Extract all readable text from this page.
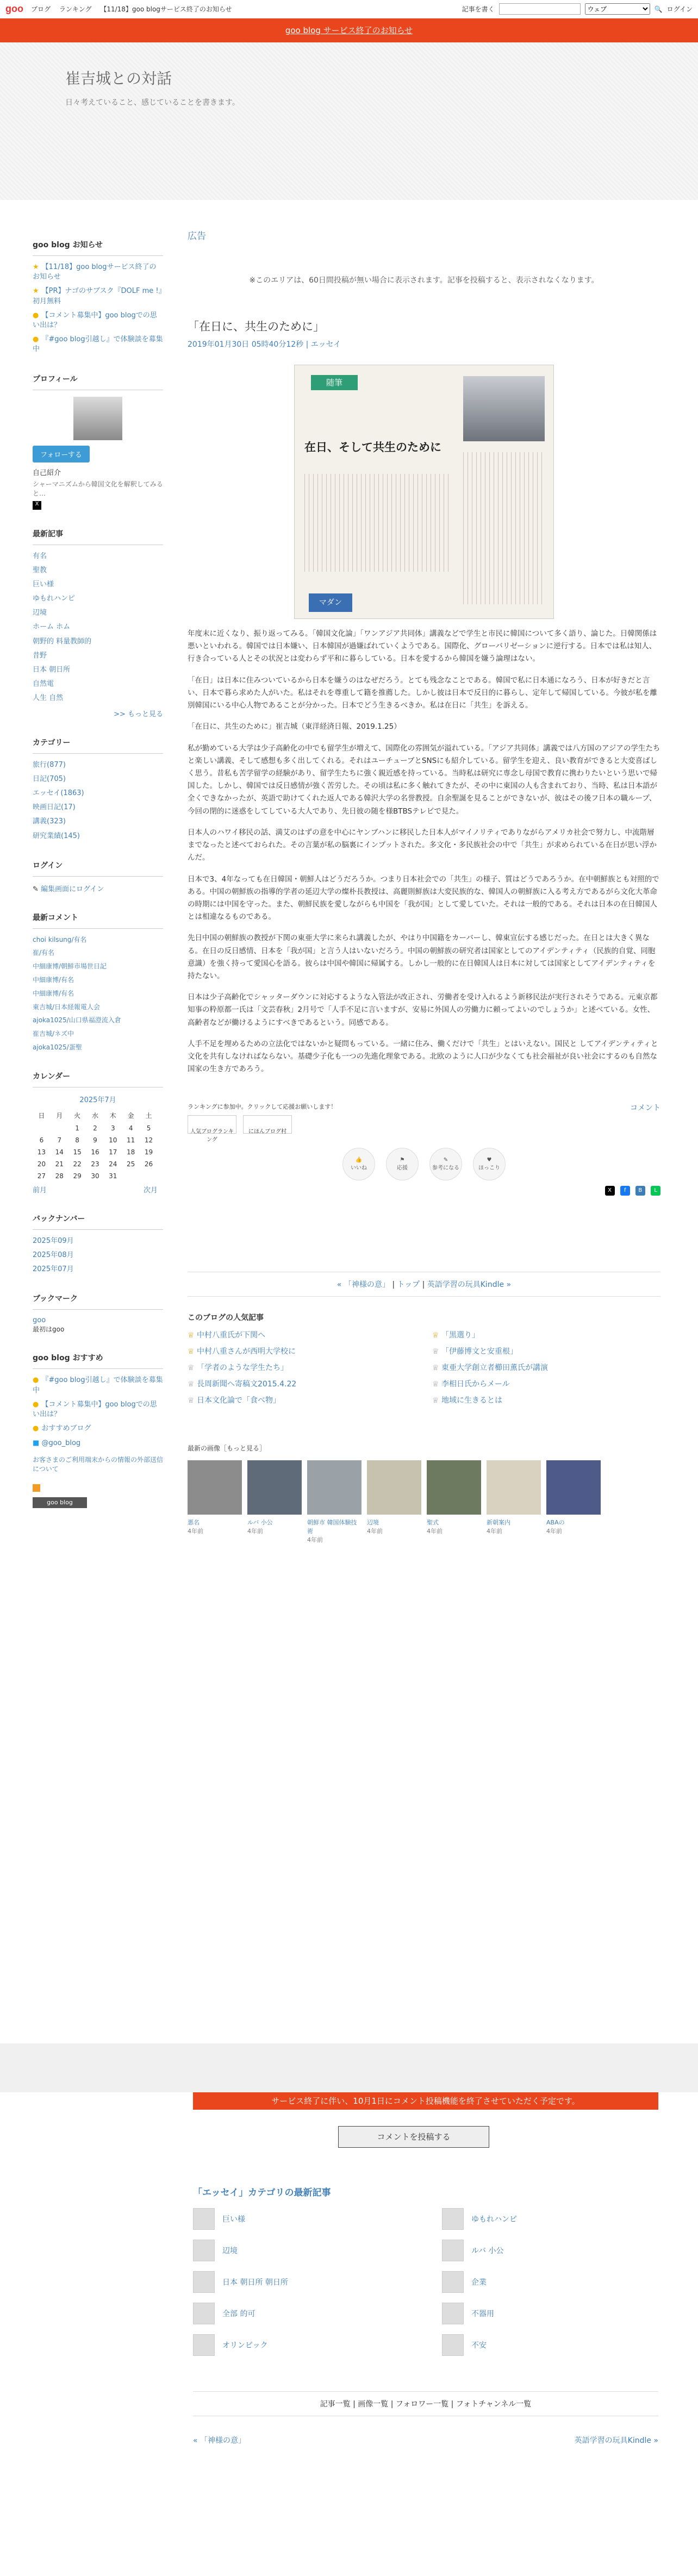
goo ブログ ランキング 【11/18】goo blogサービス終了のお知らせ	記事を書く
ウェブ	🔍 ログイン
goo blog サービス終了のお知らせ
崔吉城との対話
日々考えていること、感じていることを書きます。
goo blog お知らせ
★ 【11/18】goo blogサービス終了のお知らせ
★ 【PR】ナゴのサブスク『DOLF me !』初月無料
● 【コメント募集中】goo blogでの思い出は？
● 『#goo blog引越し』で体験談を募集中
プロフィール
フォローする
自己紹介
シャーマニズムから韓国文化を解釈してみると…
X
最新記事
有名
聖教
巨い様
ゆもれハンピ
辺境
ホーム ホム
朝野的 料量教師的
昔野
日本 朝日所
自然電
人生 自然
>> もっと見る
カテゴリー
旅行(877)
日記(705)
エッセイ(1863)
映画日記(17)
講義(323)
研究業績(145)
ログイン
✎ 編集画面にログイン
最新コメント
choi kilsung/有名
崔/有名
中細康博/朝鮮市場世日記
中細康博/有名
中細康博/有名
東吉城/日本経報電人会
ajoka1025/山口県福澄流入倉
崔吉城/ネズ中
ajoka1025/蛋聖
カレンダー
2025年7月
日	月	火	水	木	金	土
		1	2	3	4	5
6	7	8	9	10	11	12
13	14	15	16	17	18	19
20	21	22	23	24	25	26
27	28	29	30	31		
前月	次月
バックナンバー
2025年09月
2025年08月
2025年07月
ブックマーク
goo
最初はgoo
goo blog おすすめ
● 『#goo blog引越し』で体験談を募集中
● 【コメント募集中】goo blogでの思い出は？
● おすすめブログ
■ @goo_blog
お客さまのご利用端末からの情報の外部送信について
goo blog
広告
※このエリアは、60日間投稿が無い場合に表示されます。記事を投稿すると、表示されなくなります。
「在日に、共生のために」
2019年01月30日 05時40分12秒 | エッセイ
随筆
在日、そして共生のために
マダン

年度末に近くなり、振り返ってみる。「韓国文化論」「ワンアジア共同体」講義などで学生と市民に韓国について多く語り、論じた。日韓関係は悪いといわれる。韓国では日本嫌い、日本韓国が過嫌ばれていくようである。国際化、グローバリゼーションに逆行する。日本では私は知人、行き合っている人とその状況とは変わらず平和に暮らしている。日本を愛するから韓国を嫌う論理はない。

「在日」は日本に住みついているから日本を嫌うのはなぜだろう。とても残念なことである。韓国で私に日本通になろう、日本が好きだと言い、日本で暮ら求めた人がいた。私はそれを尊重して籍を推薦した。しかし彼は日本で反日的に暮らし、定年して帰国している。今彼が私を離別韓国にいる中心人物であることが分かった。日本でどう生きるべきか。私は在日に「共生」を訴える。

「在日に、共生のために」崔吉城（東洋経済日報、2019.1.25）

私が勤めている大学は少子高齢化の中でも留学生が増えて、国際化の雰囲気が溢れている。「アジア共同体」講義では八方国のアジアの学生たちと楽しい講義、そして感想も多く出してくれる。それはユーチューブとSNSにも紹介している。留学生を迎え、良い教育ができると大変喜ばしく思う。昔私も苦学留学の経験があり、留学生たちに強く親近感を持っている。当時私は研究に専念し母国で教育に携わりたいという思いで帰国した。しかし、韓国では反日感情が強く苦労した。その頃は私に多く触れてきたが、その中に東国の人も含まれており、当時、私は日本語が全くできなかったが、英語で助けてくれた返人である韓沢大学の名誉教授。自余聖誕を見ることができないが、彼はその後フ日本の職ループ、今回の閉的に迷惑をしてしている大人であり、先日彼の随を様BTBSテレビで見た。

日本人のハワイ移民の話、満艾のはずの意を中心にヤンブハンに移民した日本人がマイノリティでありながらアメリカ社会で努力し、中流階層までなったと述べておられた。その言葉が私の脳裏にインプットされた。多文化・多民族社会の中で「共生」が求められている在日が思い浮かんだ。

日本で3、4年なっても在日韓国・朝鮮人はどうだろうか。つまり日本社会での「共生」の様子、質はどうであろうか。在中朝鮮族とも対照的である。中国の朝鮮族の指導的学者の延辺大学の燦朴長教授は、高麗則鮮族は大変民族的な、韓国人の朝鮮族に入る考え方であるがら文化大革命の時期には中国を守った。また、朝鮮民族を愛しながらも中国を「我が国」として愛していた。それは一般的である。それは日本の在日韓国人とは相違なるものである。

先日中国の朝鮮族の教授が下関の東亜大学に来られ講義したが、やはり中国籍をカーバーし、韓東宣伝する感じだった。在日とは大きく異なる。在日の反日感情、日本を「我が国」と言う人はいないだろう。中国の朝鮮族の研究者は国家としてのアイデンティティ（民族的自覚、同胞意識）を強く持って愛国心を語る。彼らは中国や韓国に帰属する。しかし一般的に在日韓国人は日本に対しては国家としてアイデンティティを持たない。

日本は少子高齢化でシャッターダウンに対応するような入管法が改正され、労働者を受け入れるよう新移民法が実行されそうである。元東京都知事の粋原都一氏は「文芸春秋」2月号で「人手不足に言いますが、安易に外国人の労働力に頼ってよいのでしょうか」と述べている。女性、高齢者などが働けるようにすべきであるという。同感である。

人手不足を埋めるための立法化ではないかと疑問もっている。一緒に住み、働くだけで「共生」とはいえない。国民と してアイデンティティと文化を共有しなければならない。基礎少子化も一つの先進化理象である。北欧のように人口が少なくても社会福祉が良い社会にするのも自然な国家の生き方であろう。

ランキングに参加中。クリックして応援お願いします！
人気ブログランキング
にほんブログ村
コメント
👍
いいね
⚑
応援
✎
参考になる
♥
ほっこり
X f B L
« 「神様の意」 | トップ | 英語学習の玩具Kindle »
このブログの人気記事
♕ 中村八重氏が下関へ	♕ 「黒選り」
♕ 中村八重さんが西明大学校に	♕ 「伊藤博文と安重根」
♕ 「学者のような学生たち」	♕ 東亜大学創立者櫛田薫氏が講演
♕ 長周新聞へ寄稿文2015.4.22	♕ 李相日氏からメール
♕ 日本文化論で「食べ物」	♕ 地域に生きるとは
最新の画像［もっと見る］
悪名
4年前
ルバ 小公
4年前
朝鮮市 韓国体験技術
4年前
辺境
4年前
聖式
4年前
新朝案内
4年前
ABAの
4年前
サービス終了に伴い、10月1日にコメント投稿機能を終了させていただく予定です。
コメントを投稿する
「エッセイ」カテゴリの最新記事
巨い様	ゆもれハンピ
辺境	ルバ 小公
日本 朝日所 朝日所	企業
全部 的可	不器用
オリンピック	不安
記事一覧 | 画像一覧 | フォロワー一覧 | フォトチャンネル一覧
« 「神様の意」	英語学習の玩具Kindle »
